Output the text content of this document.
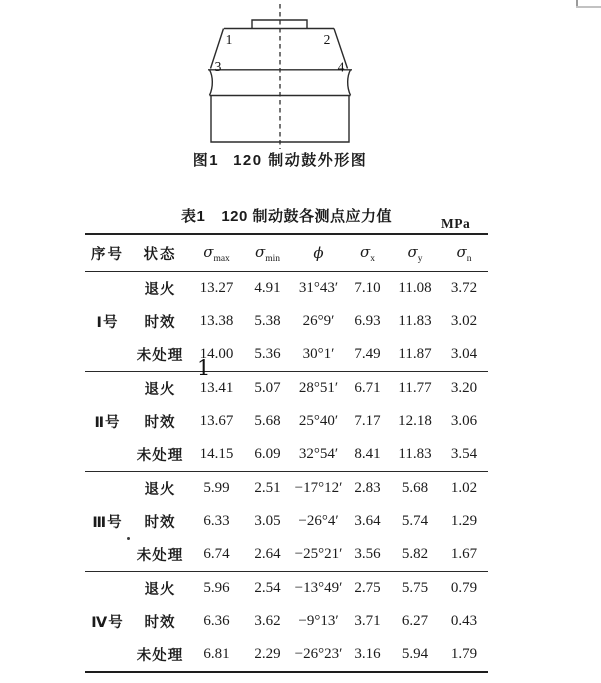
1	2
3	4
图1 120 制动鼓外形图
表1 120 制动鼓各测点应力值	MPa
序号	状态	$\sigma_{max}$	$\sigma_{min}$	ϕ	$\sigma_x$	$\sigma_y$	$\sigma_n$
Ⅰ号	退火	13.27	4.91	31°43′	7.10	11.08	3.72
	时效	13.38	5.38	26°9′	6.93	11.83	3.02
	未处理	14.00	5.36	30°1′	7.49	11.87	3.04
Ⅱ号	退火	13.41	5.07	28°51′	6.71	11.77	3.20
	时效	13.67	5.68	25°40′	7.17	12.18	3.06
	未处理	14.15	6.09	32°54′	8.41	11.83	3.54
Ⅲ号	退火	5.99	2.51	−17°12′	2.83	5.68	1.02
	时效	6.33	3.05	−26°4′	3.64	5.74	1.29
	未处理	6.74	2.64	−25°21′	3.56	5.82	1.67
Ⅳ号	退火	5.96	2.54	−13°49′	2.75	5.75	0.79
	时效	6.36	3.62	−9°13′	3.71	6.27	0.43
	未处理	6.81	2.29	−26°23′	3.16	5.94	1.79
1
